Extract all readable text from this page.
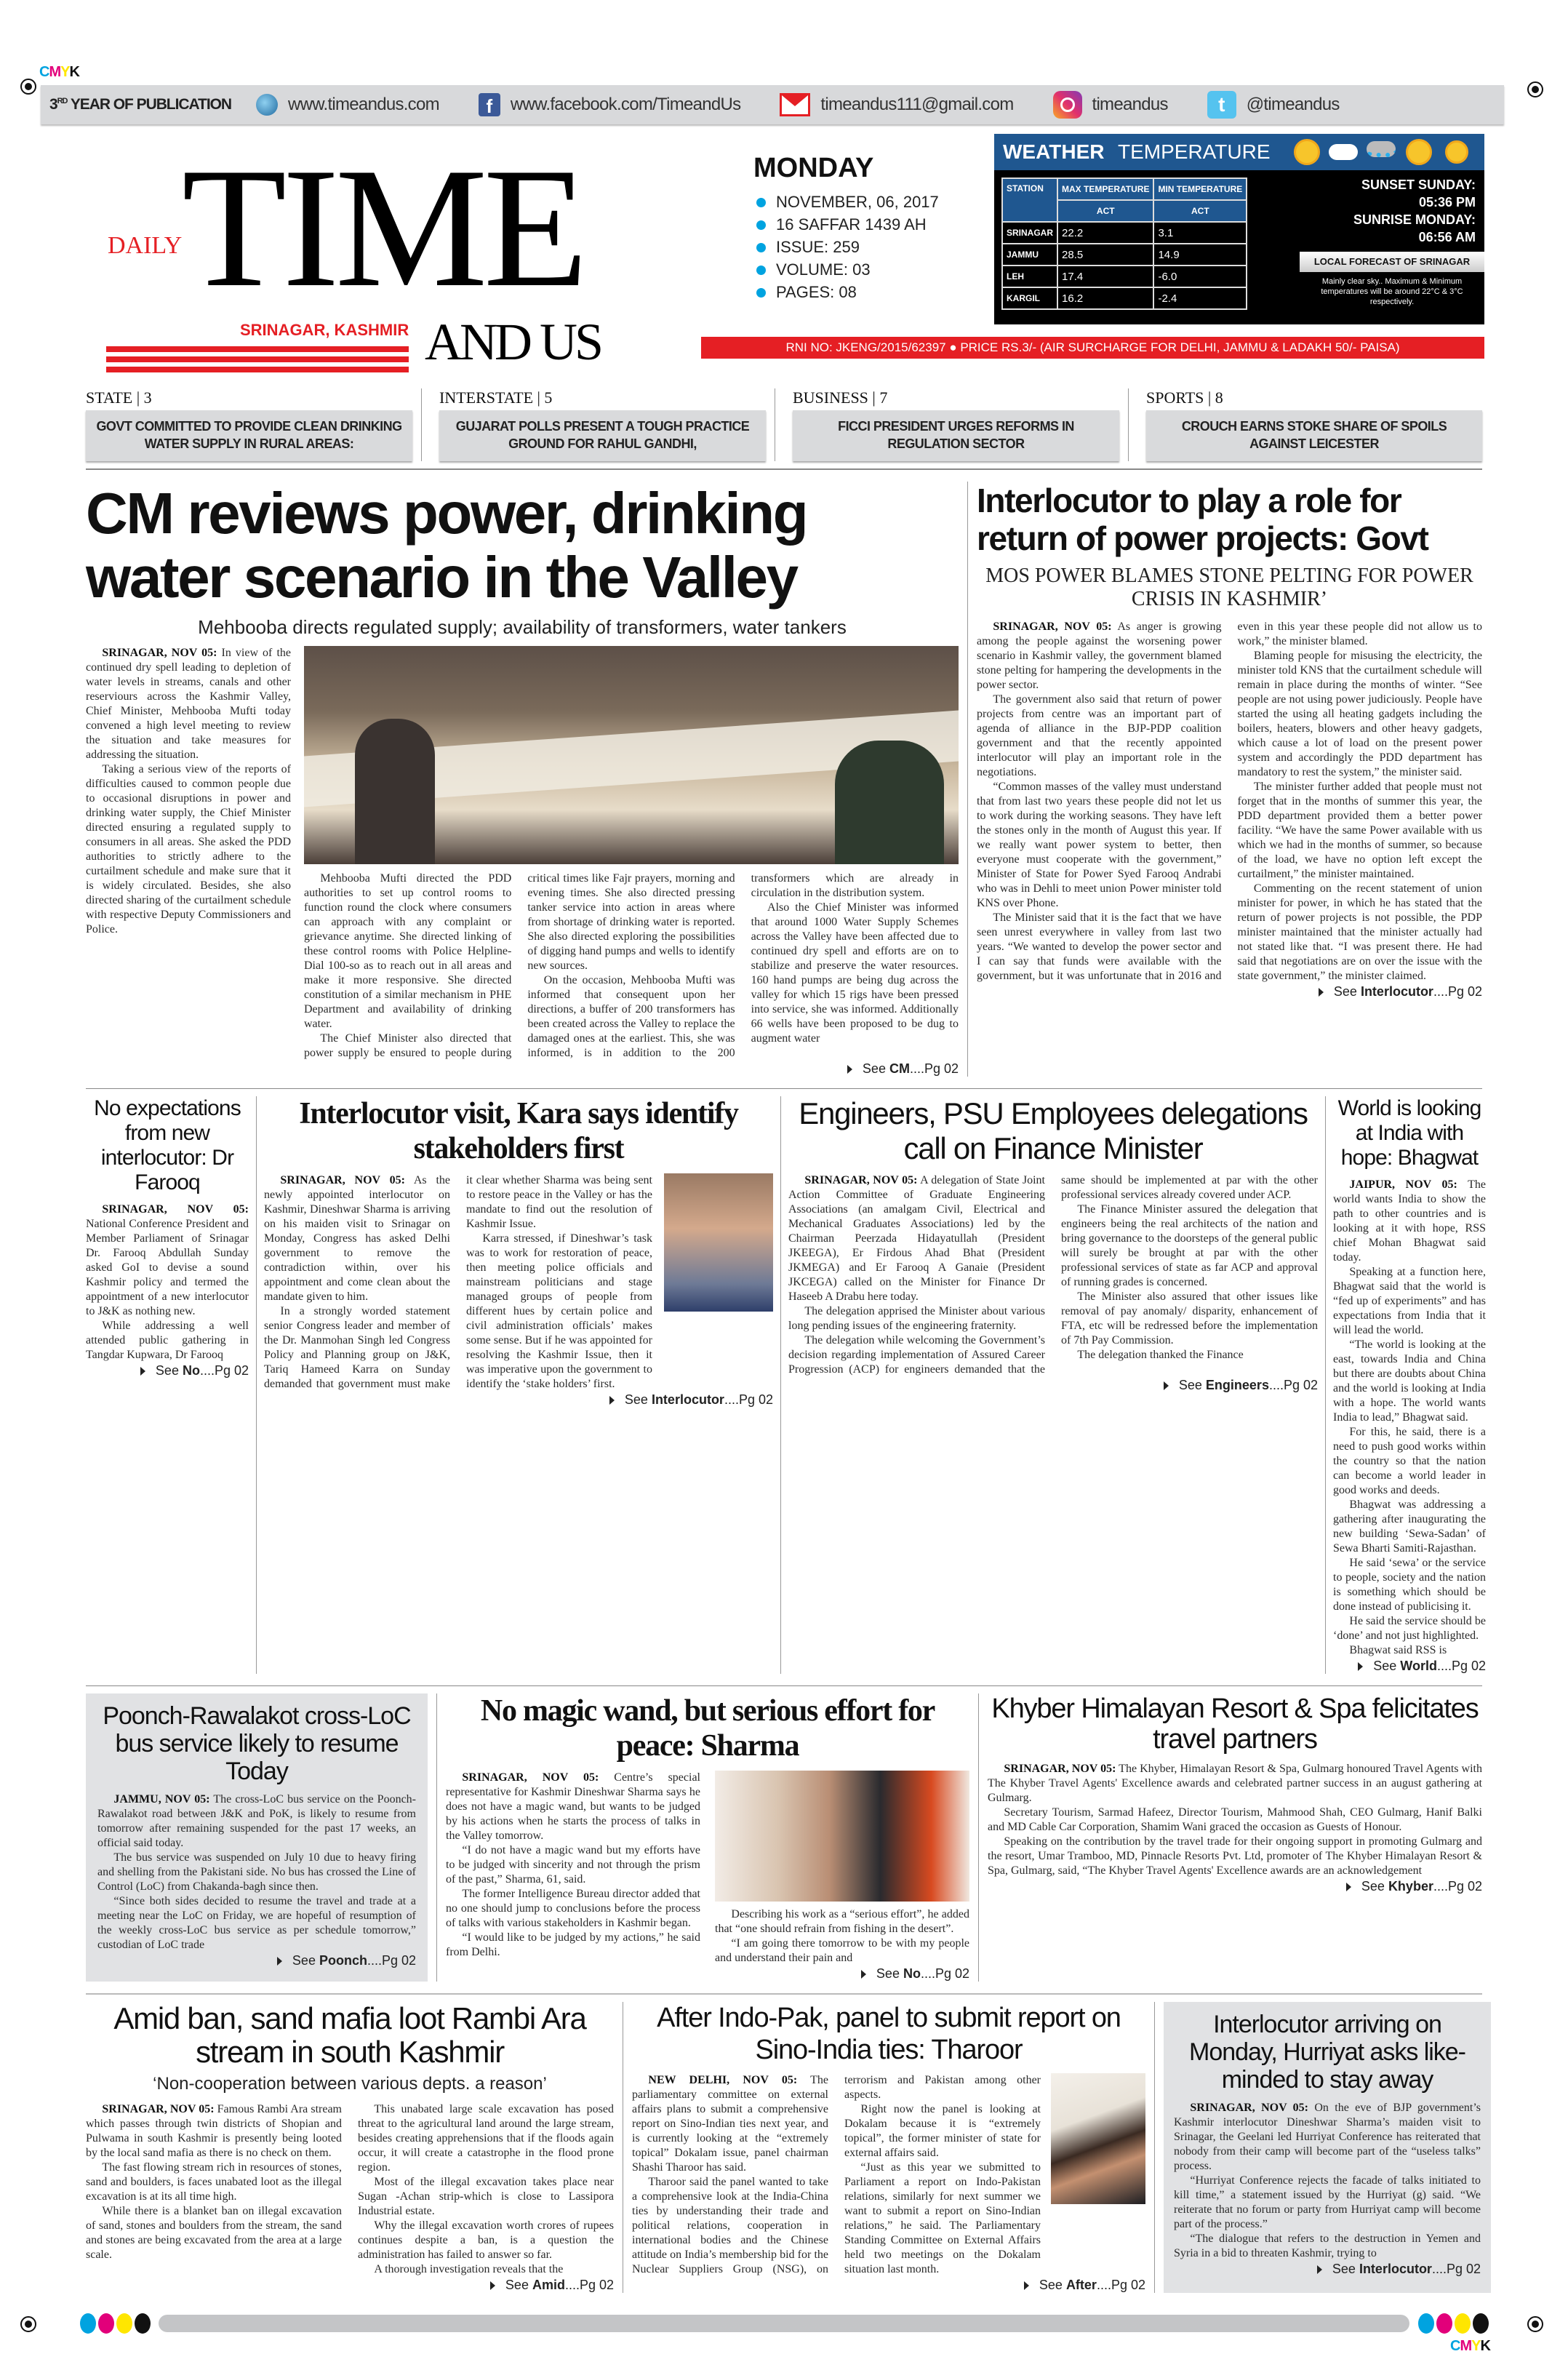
CMYK
3RD YEAR OF PUBLICATION	www.timeandus.com	f	www.facebook.com/TimeandUs	timeandus111@gmail.com	timeandus	t	@timeandus
DAILY TIME
AND US
SRINAGAR, KASHMIR
MONDAY
NOVEMBER, 06, 2017
16 SAFFAR 1439 AH
ISSUE: 259
VOLUME: 03
PAGES: 08
WEATHER TEMPERATURE
STATION	MAX TEMPERATURE	MIN TEMPERATURE
	ACT	ACT
SRINAGAR	22.2	3.1
JAMMU	28.5	14.9
LEH	17.4	-6.0
KARGIL	16.2	-2.4
SUNSET SUNDAY:
05:36 PM
SUNRISE MONDAY:
06:56 AM
LOCAL FORECAST OF SRINAGAR
Mainly clear sky.. Maximum & Minimum temperatures will be around 22°C & 3°C respectively.
RNI NO: JKENG/2015/62397 ● PRICE RS.3/- (AIR SURCHARGE FOR DELHI, JAMMU & LADAKH 50/- PAISA)
STATE | 3
GOVT COMMITTED TO PROVIDE CLEAN DRINKING WATER SUPPLY IN RURAL AREAS:
INTERSTATE | 5
GUJARAT POLLS PRESENT A TOUGH PRACTICE GROUND FOR RAHUL GANDHI,
BUSINESS | 7
FICCI PRESIDENT URGES REFORMS IN REGULATION SECTOR
SPORTS | 8
CROUCH EARNS STOKE SHARE OF SPOILS AGAINST LEICESTER
CM reviews power, drinking water scenario in the Valley
Mehbooba directs regulated supply; availability of transformers, water tankers

SRINAGAR, NOV 05: In view of the continued dry spell leading to depletion of water levels in streams, canals and other reserviours across the Kashmir Valley, Chief Minister, Mehbooba Mufti today convened a high level meeting to review the situation and take measures for addressing the situation.

Taking a serious view of the reports of difficulties caused to common people due to occasional disruptions in power and drinking water supply, the Chief Minister directed ensuring a regulated supply to consumers in all areas. She asked the PDD authorities to strictly adhere to the curtailment schedule and make sure that it is widely circulated. Besides, she also directed sharing of the curtailment schedule with respective Deputy Commissioners and Police.

Mehbooba Mufti directed the PDD authorities to set up control rooms to function round the clock where consumers can approach with any complaint or grievance anytime. She directed linking of these control rooms with Police Helpline-Dial 100-so as to reach out in all areas and make it more responsive. She directed constitution of a similar mechanism in PHE Department and availability of drinking water.

The Chief Minister also directed that power supply be ensured to people during critical times like Fajr prayers, morning and evening times. She also directed pressing tanker service into action in areas where from shortage of drinking water is reported. She also directed exploring the possibilities of digging hand pumps and wells to identify new sources.

On the occasion, Mehbooba Mufti was informed that consequent upon her directions, a buffer of 200 transformers has been created across the Valley to replace the damaged ones at the earliest. This, she was informed, is in addition to the 200 transformers which are already in circulation in the distribution system.

Also the Chief Minister was informed that around 1000 Water Supply Schemes across the Valley have been affected due to continued dry spell and efforts are on to stabilize and preserve the water resources. 160 hand pumps are being dug across the valley for which 15 rigs have been pressed into service, she was informed. Additionally 66 wells have been proposed to be dug to augment water

See CM....Pg 02
Interlocutor to play a role for return of power projects: Govt
MOS POWER BLAMES STONE PELTING FOR POWER CRISIS IN KASHMIR’

SRINAGAR, NOV 05: As anger is growing among the people against the worsening power scenario in Kashmir valley, the government blamed stone pelting for hampering the developments in the power sector.

The government also said that return of power projects from centre was an important part of agenda of alliance in the BJP-PDP coalition government and that the recently appointed interlocutor will play an important role in the negotiations.

“Common masses of the valley must understand that from last two years these people did not let us to work during the working seasons. They have left the stones only in the month of August this year. If we really want power system to better, then everyone must cooperate with the government,” Minister of State for Power Syed Farooq Andrabi who was in Dehli to meet union Power minister told KNS over Phone.

The Minister said that it is the fact that we have seen unrest everywhere in valley from last two years. “We wanted to develop the power sector and I can say that funds were available with the government, but it was unfortunate that in 2016 and even in this year these people did not allow us to work,” the minister blamed.

Blaming people for misusing the electricity, the minister told KNS that the curtailment schedule will remain in place during the months of winter. “See people are not using power judiciously. People have started the using all heating gadgets including the boilers, heaters, blowers and other heavy gadgets, which cause a lot of load on the present power system and accordingly the PDD department has mandatory to rest the system,” the minister said.

The minister further added that people must not forget that in the months of summer this year, the PDD department provided them a better power facility. “We have the same Power available with us which we had in the months of summer, so because of the load, we have no option left except the curtailment,” the minister maintained.

Commenting on the recent statement of union minister for power, in which he has stated that the return of power projects is not possible, the PDP minister maintained that the minister actually had not stated like that. “I was present there. He had said that negotiations are on over the issue with the state government,” the minister claimed.

See Interlocutor....Pg 02
No expectations from new interlocutor: Dr Farooq

SRINAGAR, NOV 05: National Conference President and Member Parliament of Srinagar Dr. Farooq Abdullah Sunday asked GoI to devise a sound Kashmir policy and termed the appointment of a new interlocutor to J&K as nothing new.

While addressing a well attended public gathering in Tangdar Kupwara, Dr Farooq

See No....Pg 02
Interlocutor visit, Kara says identify stakeholders first

SRINAGAR, NOV 05: As the newly appointed interlocutor on Kashmir, Dineshwar Sharma is arriving on his maiden visit to Srinagar on Monday, Congress has asked Delhi government to remove the contradiction within, over his appointment and come clean about the mandate given to him.

In a strongly worded statement senior Congress leader and member of the Dr. Manmohan Singh led Congress Policy and Planning group on J&K, Tariq Hameed Karra on Sunday demanded that government must make it clear whether Sharma was being sent to restore peace in the Valley or has the mandate to find out the resolution of Kashmir Issue.

Karra stressed, if Dineshwar’s task was to work for restoration of peace, then meeting police officials and mainstream politicians and stage managed groups of people from different hues by certain police and civil administration officials’ makes some sense. But if he was appointed for resolving the Kashmir Issue, then it was imperative upon the government to identify the ‘stake holders’ first.

See Interlocutor....Pg 02
Engineers, PSU Employees delegations call on Finance Minister

SRINAGAR, NOV 05: A delegation of State Joint Action Committee of Graduate Engineering Associations (an amalgam Civil, Electrical and Mechanical Graduates Associations) led by the Chairman Peerzada Hidayatullah (President JKEEGA), Er Firdous Ahad Bhat (President JKMEGA) and Er Farooq A Ganaie (President JKCEGA) called on the Minister for Finance Dr Haseeb A Drabu here today.

The delegation apprised the Minister about various long pending issues of the engineering fraternity.

The delegation while welcoming the Government’s decision regarding implementation of Assured Career Progression (ACP) for engineers demanded that the same should be implemented at par with the other professional services already covered under ACP.

The Finance Minister assured the delegation that engineers being the real architects of the nation and bring governance to the doorsteps of the general public will surely be brought at par with the other professional services of state as far ACP and approval of running grades is concerned.

The Minister also assured that other issues like removal of pay anomaly/ disparity, enhancement of FTA, etc will be redressed before the implementation of 7th Pay Commission.

The delegation thanked the Finance

See Engineers....Pg 02
World is looking at India with hope: Bhagwat

JAIPUR, NOV 05: The world wants India to show the path to other countries and is looking at it with hope, RSS chief Mohan Bhagwat said today.

Speaking at a function here, Bhagwat said that the world is “fed up of experiments” and has expectations from India that it will lead the world.

“The world is looking at the east, towards India and China but there are doubts about China and the world is looking at India with a hope. The world wants India to lead,” Bhagwat said.

For this, he said, there is a need to push good works within the country so that the nation can become a world leader in good works and deeds.

Bhagwat was addressing a gathering after inaugurating the new building ‘Sewa-Sadan’ of Sewa Bharti Samiti-Rajasthan.

He said ‘sewa’ or the service to people, society and the nation is something which should be done instead of publicising it.

He said the service should be ‘done’ and not just highlighted.

Bhagwat said RSS is

See World....Pg 02
Poonch-Rawalakot cross-LoC bus service likely to resume Today

JAMMU, NOV 05: The cross-LoC bus service on the Poonch-Rawalakot road between J&K and PoK, is likely to resume from tomorrow after remaining suspended for the past 17 weeks, an official said today.

The bus service was suspended on July 10 due to heavy firing and shelling from the Pakistani side. No bus has crossed the Line of Control (LoC) from Chakanda-bagh since then.

“Since both sides decided to resume the travel and trade at a meeting near the LoC on Friday, we are hopeful of resumption of the weekly cross-LoC bus service as per schedule tomorrow,” custodian of LoC trade

See Poonch....Pg 02
No magic wand, but serious effort for peace: Sharma

SRINAGAR, NOV 05: Centre’s special representative for Kashmir Dineshwar Sharma says he does not have a magic wand, but wants to be judged by his actions when he starts the process of talks in the Valley tomorrow.

“I do not have a magic wand but my efforts have to be judged with sincerity and not through the prism of the past,” Sharma, 61, said.

The former Intelligence Bureau director added that no one should jump to conclusions before the process of talks with various stakeholders in Kashmir began.

“I would like to be judged by my actions,” he said from Delhi.

Describing his work as a “serious effort”, he added that “one should refrain from fishing in the desert”.

“I am going there tomorrow to be with my people and understand their pain and

See No....Pg 02
Khyber Himalayan Resort & Spa felicitates travel partners

SRINAGAR, NOV 05: The Khyber, Himalayan Resort & Spa, Gulmarg honoured Travel Agents with The Khyber Travel Agents' Excellence awards and celebrated partner success in an august gathering at Gulmarg.

Secretary Tourism, Sarmad Hafeez, Director Tourism, Mahmood Shah, CEO Gulmarg, Hanif Balki and MD Cable Car Corporation, Shamim Wani graced the occasion as Guests of Honour.

Speaking on the contribution by the travel trade for their ongoing support in promoting Gulmarg and the resort, Umar Tramboo, MD, Pinnacle Resorts Pvt. Ltd, promoter of The Khyber Himalayan Resort & Spa, Gulmarg, said, “The Khyber Travel Agents' Excellence awards are an acknowledgement

See Khyber....Pg 02
Amid ban, sand mafia loot Rambi Ara stream in south Kashmir
‘Non-cooperation between various depts. a reason’

SRINAGAR, NOV 05: Famous Rambi Ara stream which passes through twin districts of Shopian and Pulwama in south Kashmir is presently being looted by the local sand mafia as there is no check on them.

The fast flowing stream rich in resources of stones, sand and boulders, is faces unabated loot as the illegal excavation is at its all time high.

While there is a blanket ban on illegal excavation of sand, stones and boulders from the stream, the sand and stones are being excavated from the area at a large scale.

This unabated large scale excavation has posed threat to the agricultural land around the large stream, besides creating apprehensions that if the floods again occur, it will create a catastrophe in the flood prone region.

Most of the illegal excavation takes place near Sugan -Achan strip-which is close to Lassipora Industrial estate.

Why the illegal excavation worth crores of rupees continues despite a ban, is a question the administration has failed to answer so far.

A thorough investigation reveals that the

See Amid....Pg 02
After Indo-Pak, panel to submit report on Sino-India ties: Tharoor

NEW DELHI, NOV 05: The parliamentary committee on external affairs plans to submit a comprehensive report on Sino-Indian ties next year, and is currently looking at the “extremely topical” Dokalam issue, panel chairman Shashi Tharoor has said.

Tharoor said the panel wanted to take a comprehensive look at the India-China ties by understanding their trade and political relations, cooperation in international bodies and the Chinese attitude on India’s membership bid for the Nuclear Suppliers Group (NSG), on terrorism and Pakistan among other aspects.

Right now the panel is looking at Dokalam because it is “extremely topical”, the former minister of state for external affairs said.

“Just as this year we submitted to Parliament a report on Indo-Pakistan relations, similarly for next summer we want to submit a report on Sino-Indian relations,” he said. The Parliamentary Standing Committee on External Affairs held two meetings on the Dokalam situation last month.

See After....Pg 02
Interlocutor arriving on Monday, Hurriyat asks like-minded to stay away

SRINAGAR, NOV 05: On the eve of BJP government’s Kashmir interlocutor Dineshwar Sharma’s maiden visit to Srinagar, the Geelani led Hurriyat Conference has reiterated that nobody from their camp will become part of the “useless talks” process.

“Hurriyat Conference rejects the facade of talks initiated to kill time,” a statement issued by the Hurriyat (g) said. “We reiterate that no forum or party from Hurriyat camp will become part of the process.”

“The dialogue that refers to the destruction in Yemen and Syria in a bid to threaten Kashmir, trying to

See Interlocutor....Pg 02
CMYK
